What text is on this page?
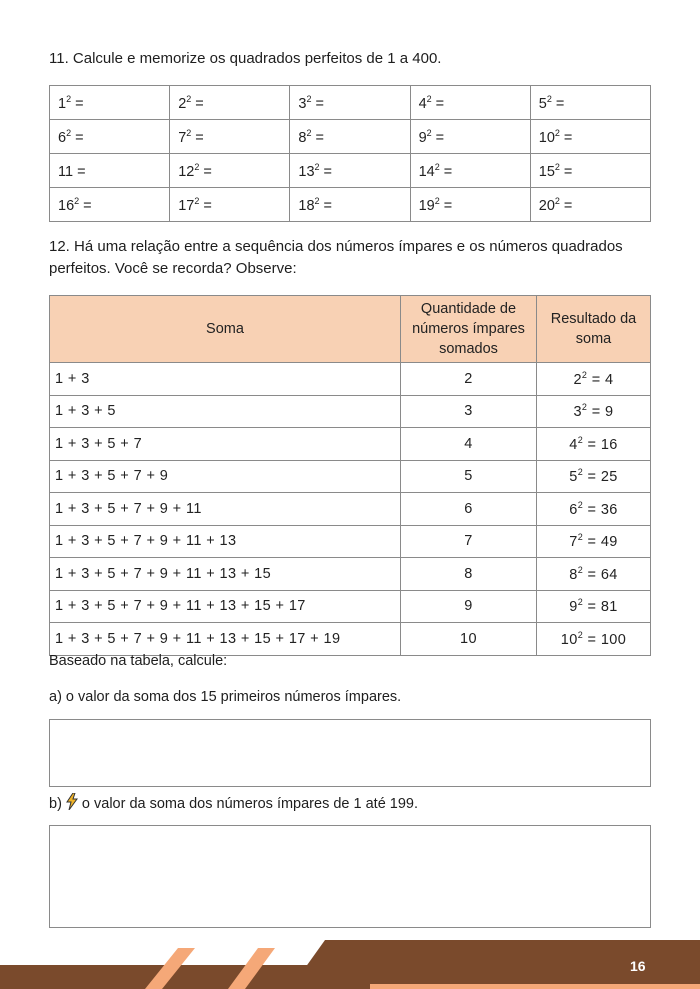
11. Calcule e memorize os quadrados perfeitos de 1 a 400.
$1^2$ =	$2^2$ =	$3^2$ =	$4^2$ =	$5^2$ =
$6^2$ =	$7^2$ =	$8^2$ =	$9^2$ =	$10^2$ =
11 =	$12^2$ =	$13^2$ =	$14^2$ =	$15^2$ =
$16^2$ =	$17^2$ =	$18^2$ =	$19^2$ =	$20^2$ =
12. Há uma relação entre a sequência dos números ímpares e os números quadrados perfeitos. Você se recorda? Observe:
Soma	Quantidade de números ímpares somados	Resultado da soma
1 + 3	2	$2^2 = 4$
1 + 3 + 5	3	$3^2 = 9$
1 + 3 + 5 + 7	4	$4^2 = 16$
1 + 3 + 5 + 7 + 9	5	$5^2 = 25$
1 + 3 + 5 + 7 + 9 + 11	6	$6^2 = 36$
1 + 3 + 5 + 7 + 9 + 11 + 13	7	$7^2 = 49$
1 + 3 + 5 + 7 + 9 + 11 + 13 + 15	8	$8^2 = 64$
1 + 3 + 5 + 7 + 9 + 11 + 13 + 15 + 17	9	$9^2 = 81$
1 + 3 + 5 + 7 + 9 + 11 + 13 + 15 + 17 + 19	10	$10^2 = 100$
Baseado na tabela, calcule:
a) o valor da soma dos 15 primeiros números ímpares.
b) o valor da soma dos números ímpares de 1 até 199.
16
